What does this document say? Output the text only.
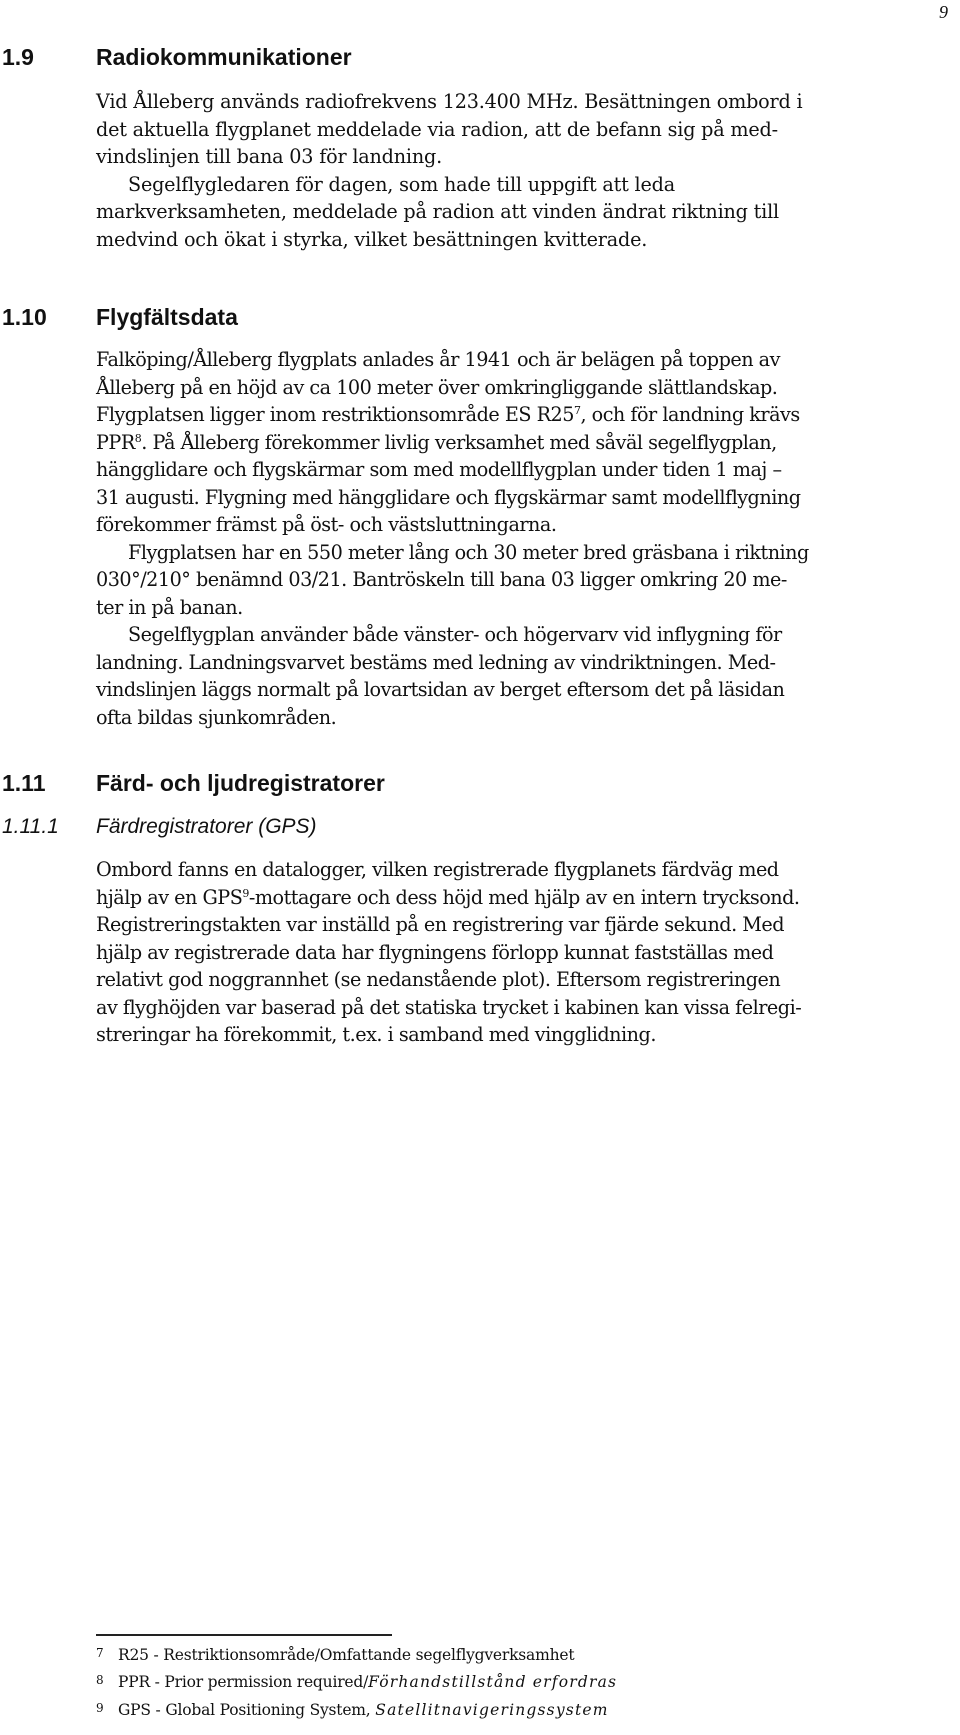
9
1.9	Radiokommunikationer
Vid Ålleberg används radiofrekvens 123.400 MHz. Besättningen ombord i
det aktuella flygplanet meddelade via radion, att de befann sig på med-
vindslinjen till bana 03 för landning.
Segelflygledaren för dagen, som hade till uppgift att leda
markverksamheten, meddelade på radion att vinden ändrat riktning till
medvind och ökat i styrka, vilket besättningen kvitterade.
1.10 Flygfältsdata
Falköping/Ålleberg flygplats anlades år 1941 och är belägen på toppen av
Ålleberg på en höjd av ca 100 meter över omkringliggande slättlandskap.
Flygplatsen ligger inom restriktionsområde ES R25$^7$, och för landning krävs
PPR$^8$. På Ålleberg förekommer livlig verksamhet med såväl segelflygplan,
hängglidare och flygskärmar som med modellflygplan under tiden 1 maj –
31 augusti. Flygning med hängglidare och flygskärmar samt modellflygning
förekommer främst på öst- och västsluttningarna.
Flygplatsen har en 550 meter lång och 30 meter bred gräsbana i riktning
030°/210° benämnd 03/21. Bantröskeln till bana 03 ligger omkring 20 me-
ter in på banan.
Segelflygplan använder både vänster- och högervarv vid inflygning för
landning. Landningsvarvet bestäms med ledning av vindriktningen. Med-
vindslinjen läggs normalt på lovartsidan av berget eftersom det på läsidan
ofta bildas sjunkområden.
1.11 Färd- och ljudregistratorer
1.11.1 Färdregistratorer (GPS)
Ombord fanns en datalogger, vilken registrerade flygplanets färdväg med
hjälp av en GPS$^9$-mottagare och dess höjd med hjälp av en intern trycksond.
Registreringstakten var inställd på en registrering var fjärde sekund. Med
hjälp av registrerade data har flygningens förlopp kunnat fastställas med
relativt god noggrannhet (se nedanstående plot). Eftersom registreringen
av flyghöjden var baserad på det statiska trycket i kabinen kan vissa felregi-
streringar ha förekommit, t.ex. i samband med vingglidning.
7 R25 - Restriktionsområde/Omfattande segelflygverksamhet
8 PPR - Prior permission required/Förhandstillstånd erfordras
9 GPS - Global Positioning System, Satellitnavigeringssystem
